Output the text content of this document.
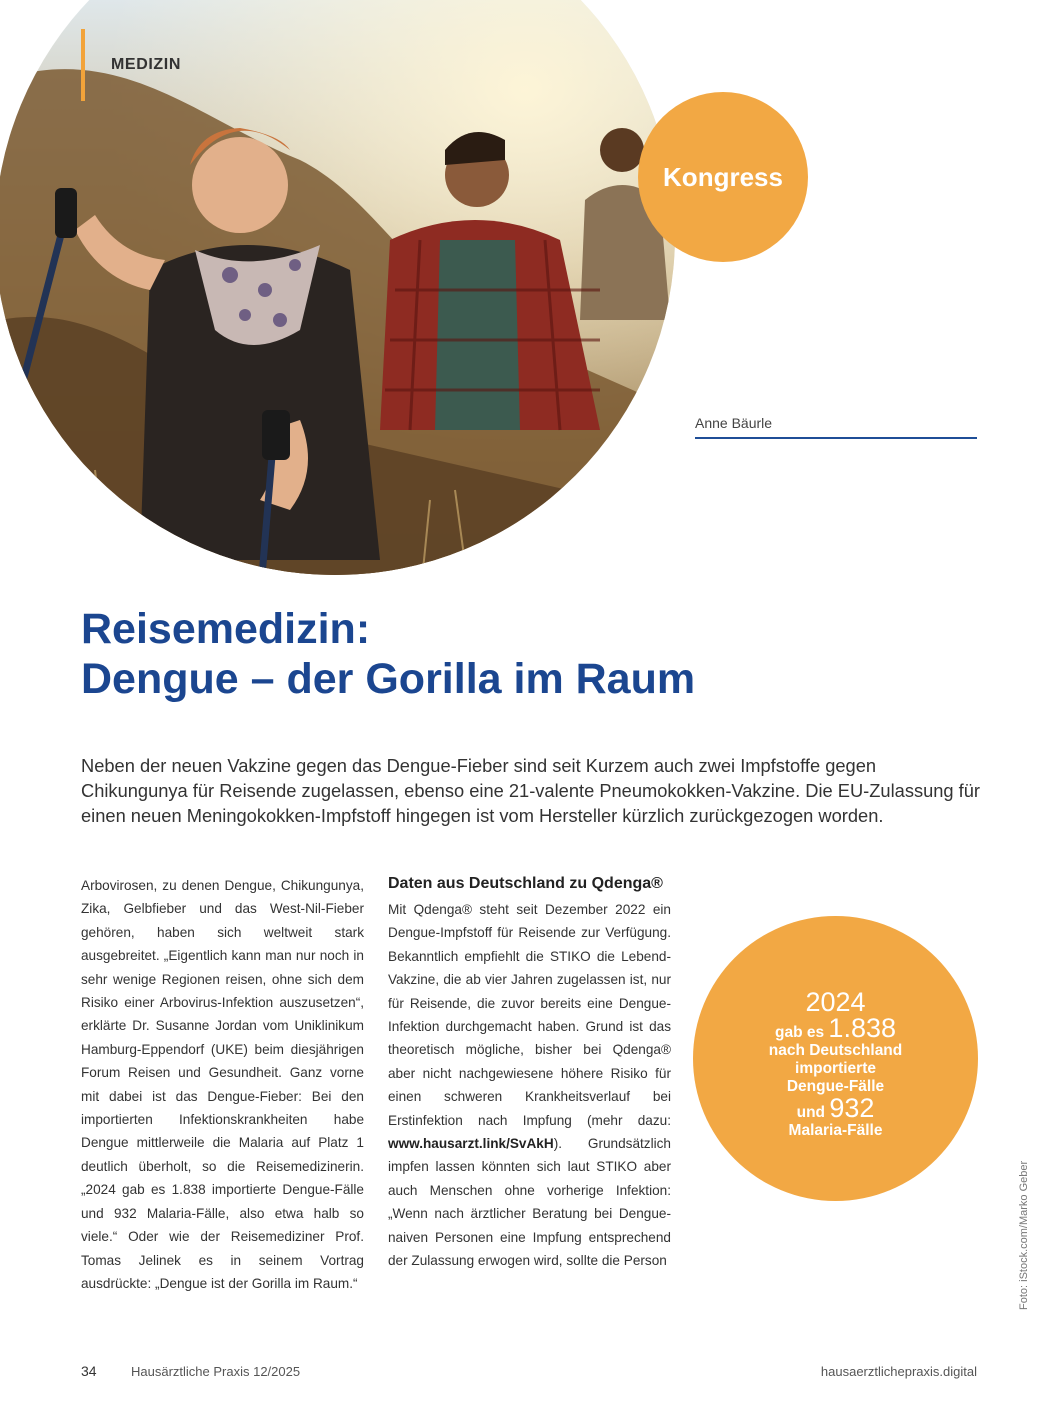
MEDIZIN
Kongress
Anne Bäurle
Reisemedizin:
Dengue – der Gorilla im Raum

Neben der neuen Vakzine gegen das Dengue-Fieber sind seit Kurzem auch zwei Impfstoffe gegen Chikungunya für Reisende zugelassen, ebenso eine 21-valente Pneumokokken-Vakzine. Die EU-Zulassung für einen neuen Meningokokken-Impfstoff hingegen ist vom Hersteller kürzlich zurückgezogen worden.

Arbovirosen, zu denen Dengue, Chikungunya, Zika, Gelbfieber und das West-Nil-Fieber gehören, haben sich weltweit stark ausgebreitet. „Eigentlich kann man nur noch in sehr wenige Regionen reisen, ohne sich dem Risiko einer Arbovirus-Infektion auszusetzen“, erklärte Dr. Susanne Jordan vom Uniklinikum Hamburg-Eppendorf (UKE) beim diesjährigen Forum Reisen und Gesundheit. Ganz vorne mit dabei ist das Dengue-Fieber: Bei den importierten Infektionskrankheiten habe Dengue mittlerweile die Malaria auf Platz 1 deutlich überholt, so die Reisemedizinerin. „2024 gab es 1.838 importierte Dengue-Fälle und 932 Malaria-Fälle, also etwa halb so viele.“ Oder wie der Reisemediziner Prof. Tomas Jelinek es in seinem Vortrag ausdrückte: „Dengue ist der Gorilla im Raum.“

Daten aus Deutschland zu Qdenga®

Mit Qdenga® steht seit Dezember 2022 ein Dengue-Impfstoff für Reisende zur Verfügung. Bekanntlich empfiehlt die STIKO die Lebend-Vakzine, die ab vier Jahren zugelassen ist, nur für Reisende, die zuvor bereits eine Dengue-Infektion durchgemacht haben. Grund ist das theoretisch mögliche, bisher bei Qdenga® aber nicht nachgewiesene höhere Risiko für einen schweren Krankheitsverlauf bei Erstinfektion nach Impfung (mehr dazu: www.hausarzt.link/SvAkH). Grundsätzlich impfen lassen könnten sich laut STIKO aber auch Menschen ohne vorherige Infektion: „Wenn nach ärztlicher Beratung bei Dengue-naiven Personen eine Impfung entsprechend der Zulassung erwogen wird, sollte die Person

2024
gab es 1.838
nach Deutschland
importierte
Dengue-Fälle
und 932
Malaria-Fälle
Foto: iStock.com/Marko Geber
34	Hausärztliche Praxis 12/2025	hausaerztlichepraxis.digital
